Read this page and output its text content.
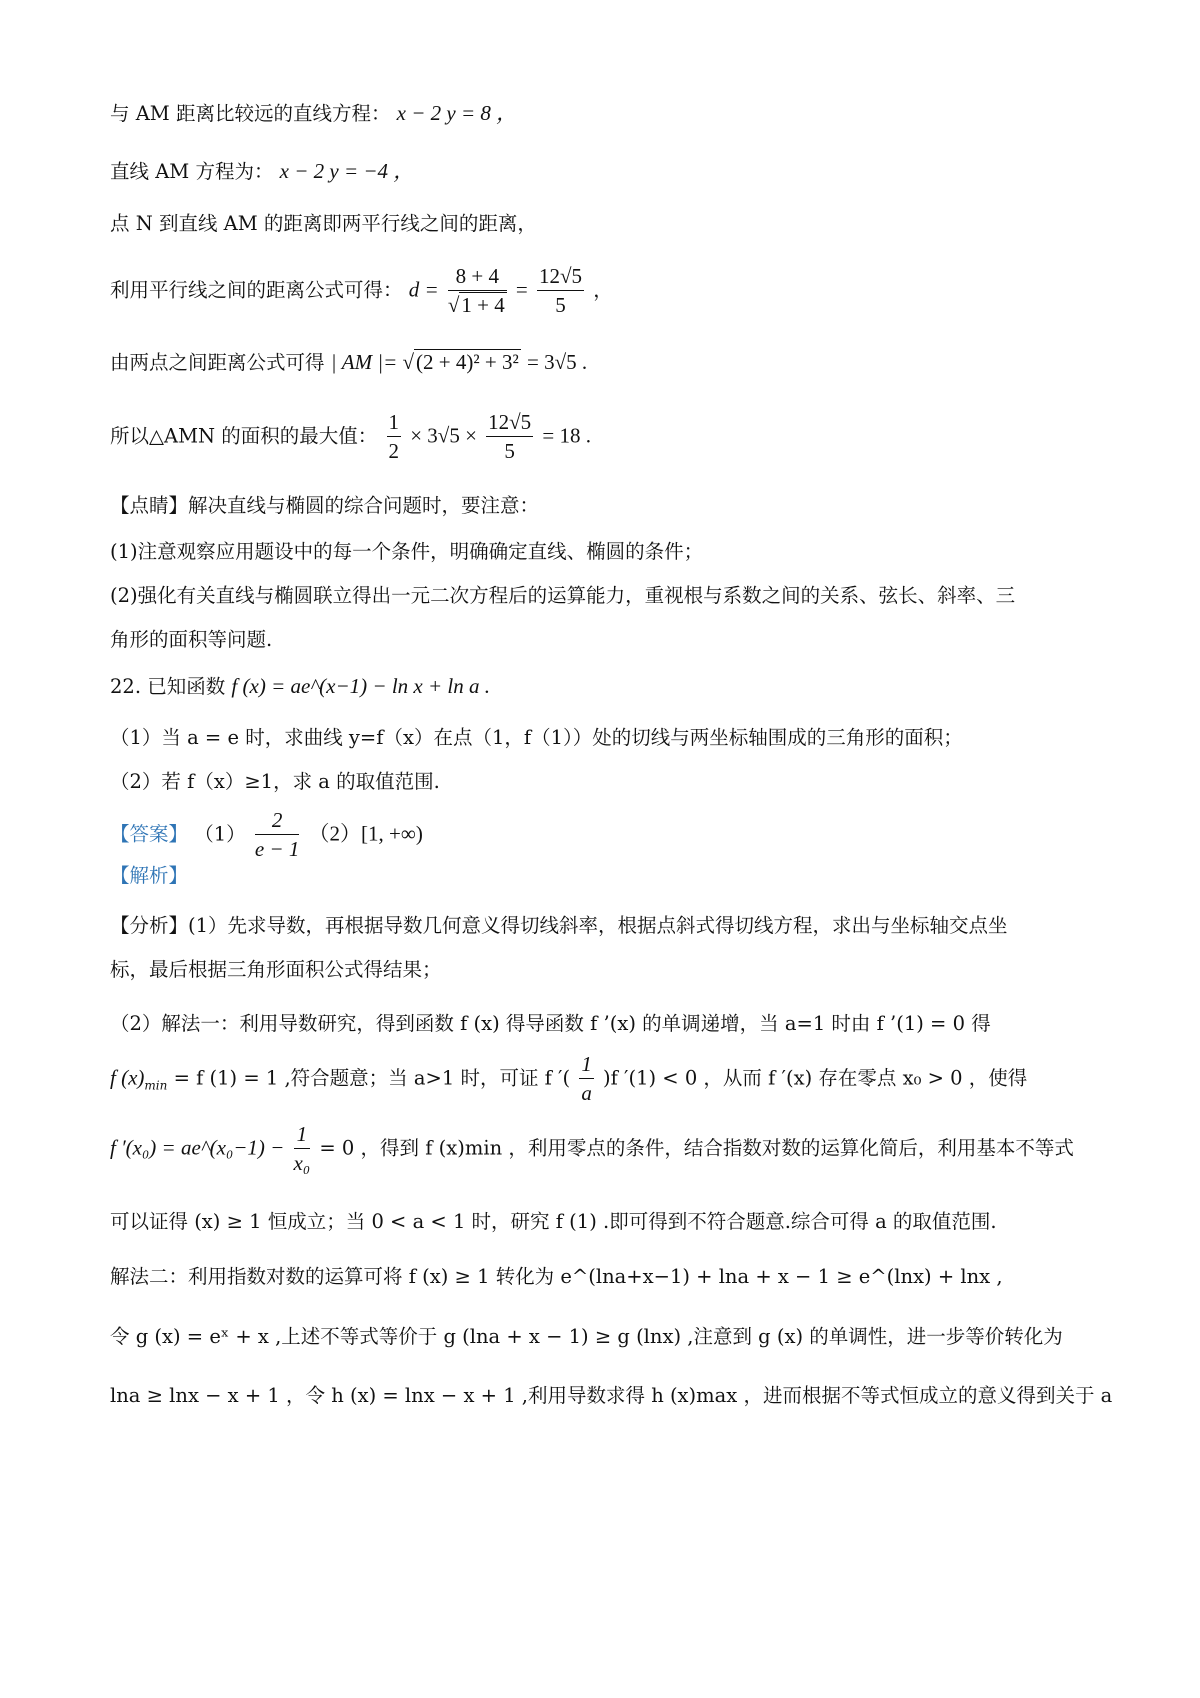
与 AM 距离比较远的直线方程： x − 2 y = 8 ，
直线 AM 方程为： x − 2 y = −4 ，
点 N 到直线 AM 的距离即两平行线之间的距离，
利用平行线之间的距离公式可得： $d = \frac{8 + 4}{√1 + 4} = \frac{12√5}{5}$ ，
由两点之间距离公式可得 | AM |= √(2 + 4)² + 3² = 3√5 .
所以△AMN 的面积的最大值： $\frac{1}{2} \times 3√5 \times \frac{12√5}{5} = 18$ .
【点睛】解决直线与椭圆的综合问题时，要注意：
(1)注意观察应用题设中的每一个条件，明确确定直线、椭圆的条件；
(2)强化有关直线与椭圆联立得出一元二次方程后的运算能力，重视根与系数之间的关系、弦长、斜率、三
角形的面积等问题.
22. 已知函数 f (x) = ae^(x−1) − ln x + ln a .
（1）当 a = e 时，求曲线 y=f（x）在点（1，f（1））处的切线与两坐标轴围成的三角形的面积；
（2）若 f（x）≥1，求 a 的取值范围.
【答案】 $(1) \frac{2}{e - 1} (2)[1$, +∞)
【解析】
【分析】(1）先求导数，再根据导数几何意义得切线斜率，根据点斜式得切线方程，求出与坐标轴交点坐
标，最后根据三角形面积公式得结果；
（2）解法一：利用导数研究，得到函数 f (x) 得导函数 f ’(x) 的单调递增，当 a=1 时由 f ’(1) = 0 得
f $(x)_{min} = f$ (1) = 1 ,符合题意；当 a>1 时，可证 f ′( $\frac{1}{a} )f$ ′(1) < 0 ，从而 f ′(x) 存在零点 x₀ > 0 ，使得
f ′(x₀) = ae^(x₀−1) − $\frac{1}{\text{x₀}} = 0$ ，得到 f (x)min ，利用零点的条件，结合指数对数的运算化简后，利用基本不等式
可以证得 (x) ≥ 1 恒成立；当 0 < a < 1 时，研究 f (1) .即可得到不符合题意.综合可得 a 的取值范围.
解法二：利用指数对数的运算可将 f (x) ≥ 1 转化为 e^(lna+x−1) + lna + x − 1 ≥ e^(lnx) + lnx ,
令 g (x) = eˣ + x ,上述不等式等价于 g (lna + x − 1) ≥ g (lnx) ,注意到 g (x) 的单调性，进一步等价转化为
lna ≥ lnx − x + 1 ，令 h (x) = lnx − x + 1 ,利用导数求得 h (x)max ，进而根据不等式恒成立的意义得到关于 a
